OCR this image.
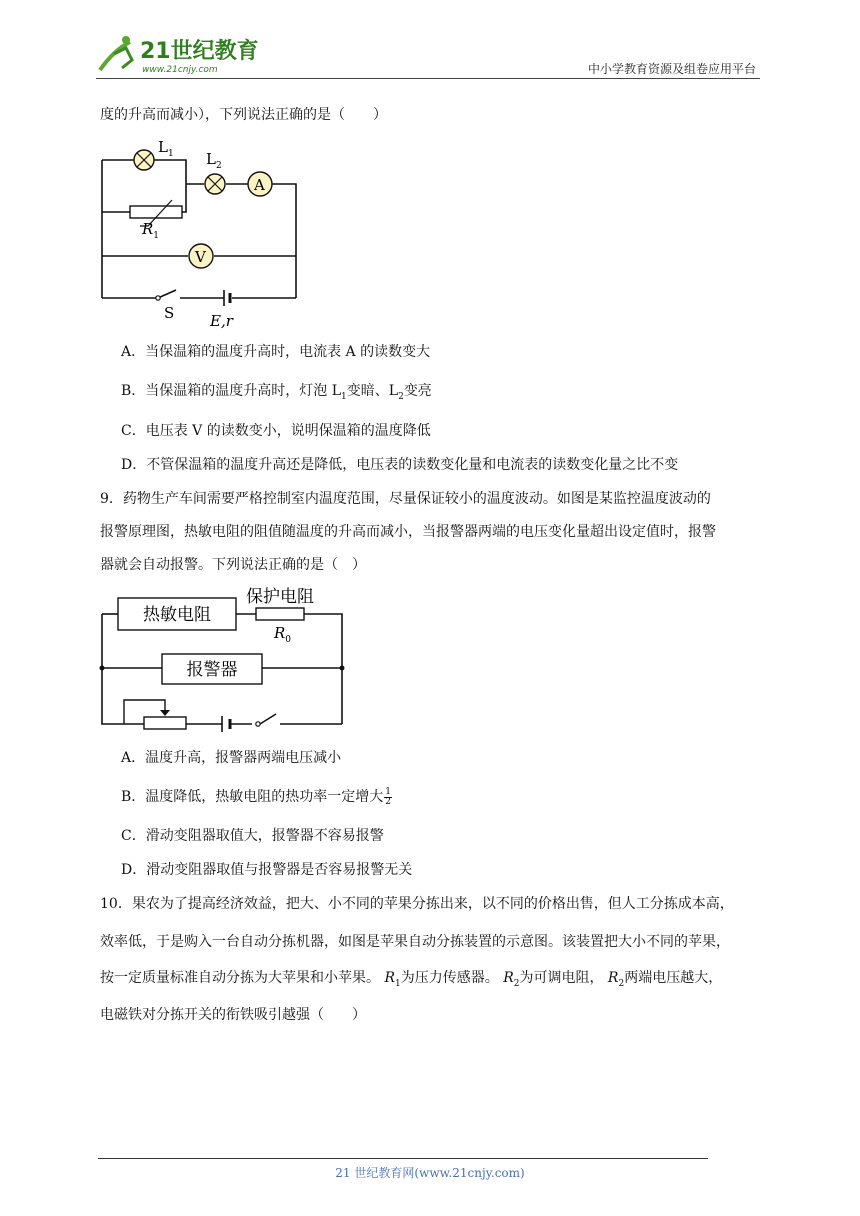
21世纪教育
www.21cnjy.com	中小学教育资源及组卷应用平台
度的升高而减小），下列说法正确的是（　　）
$L_1$
$R_1$
$L_2$
A
V
S E,r
A．当保温箱的温度升高时，电流表 A 的读数变大
B．当保温箱的温度升高时，灯泡 $L_1$变暗、$L_2$变亮
C．电压表 V 的读数变小，说明保温箱的温度降低
D．不管保温箱的温度升高还是降低，电压表的读数变化量和电流表的读数变化量之比不变
9．药物生产车间需要严格控制室内温度范围，尽量保证较小的温度波动。如图是某监控温度波动的
报警原理图，热敏电阻的阻值随温度的升高而减小，当报警器两端的电压变化量超出设定值时，报警
器就会自动报警。下列说法正确的是（　）
热敏电阻
保护电阻
$R_0$
报警器
A．温度升高，报警器两端电压减小
B．温度降低，热敏电阻的热功率一定增大 $\frac{1}{2}$
C．滑动变阻器取值大，报警器不容易报警
D．滑动变阻器取值与报警器是否容易报警无关
10．果农为了提高经济效益，把大、小不同的苹果分拣出来，以不同的价格出售，但人工分拣成本高，
效率低，于是购入一台自动分拣机器，如图是苹果自动分拣装置的示意图。该装置把大小不同的苹果，
按一定质量标准自动分拣为大苹果和小苹果。 $R_1$为压力传感器。 $R_2$为可调电阻， $R_2$两端电压越大，
电磁铁对分拣开关的衔铁吸引越强（　　）
21 世纪教育网(www.21cnjy.com)
